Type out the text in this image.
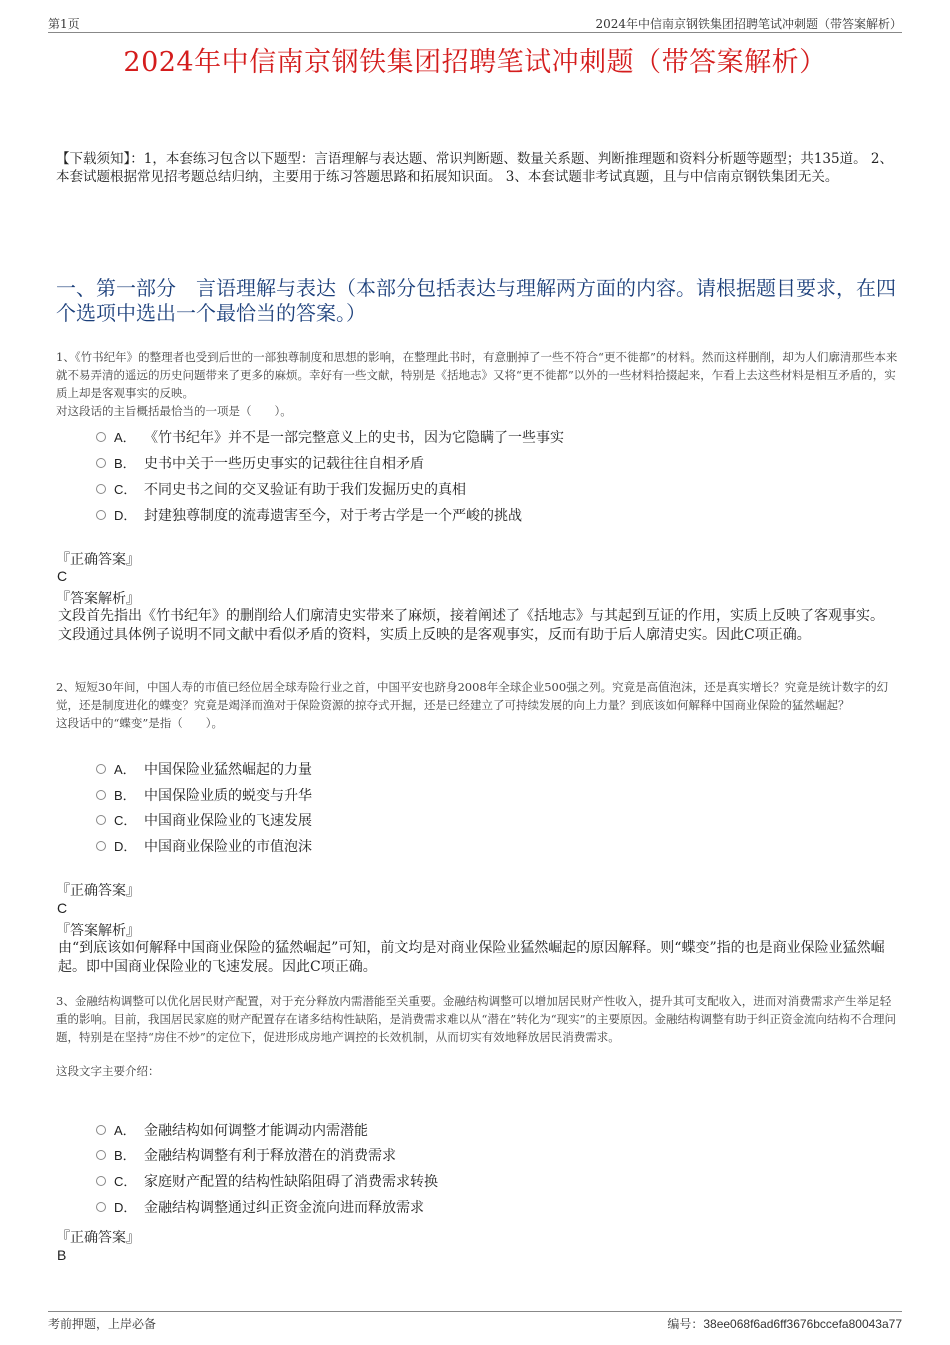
第1页	2024年中信南京钢铁集团招聘笔试冲刺题（带答案解析）
2024年中信南京钢铁集团招聘笔试冲刺题（带答案解析）
【下载须知】：1，本套练习包含以下题型：言语理解与表达题、常识判断题、数量关系题、判断推理题和资料分析题等题型；共135道。 2、本套试题根据常见招考题总结归纳，主要用于练习答题思路和拓展知识面。 3、本套试题非考试真题，且与中信南京钢铁集团无关。
一、第一部分　言语理解与表达（本部分包括表达与理解两方面的内容。请根据题目要求，在四个选项中选出一个最恰当的答案。）

1、《竹书纪年》的整理者也受到后世的一部独尊制度和思想的影响，在整理此书时，有意删掉了一些不符合“更不徙都”的材料。然而这样删削，却为人们廓清那些本来就不易弄清的遥远的历史问题带来了更多的麻烦。幸好有一些文献，特别是《括地志》又将“更不徙都”以外的一些材料拾掇起来，乍看上去这些材料是相互矛盾的，实质上却是客观事实的反映。

对这段话的主旨概括最恰当的一项是（　　）。

A． 《竹书纪年》并不是一部完整意义上的史书，因为它隐瞒了一些事实
B． 史书中关于一些历史事实的记载往往自相矛盾
C． 不同史书之间的交叉验证有助于我们发掘历史的真相
D． 封建独尊制度的流毒遗害至今，对于考古学是一个严峻的挑战
『正确答案』
C
『答案解析』
文段首先指出《竹书纪年》的删削给人们廓清史实带来了麻烦，接着阐述了《括地志》与其起到互证的作用，实质上反映了客观事实。文段通过具体例子说明不同文献中看似矛盾的资料，实质上反映的是客观事实，反而有助于后人廓清史实。因此C项正确。

2、短短30年间，中国人寿的市值已经位居全球寿险行业之首，中国平安也跻身2008年全球企业500强之列。究竟是高值泡沫，还是真实增长？究竟是统计数字的幻觉，还是制度进化的蝶变？究竟是竭泽而渔对于保险资源的掠夺式开掘，还是已经建立了可持续发展的向上力量？到底该如何解释中国商业保险的猛然崛起？

这段话中的“蝶变”是指（　　）。

A． 中国保险业猛然崛起的力量
B． 中国保险业质的蜕变与升华
C． 中国商业保险业的飞速发展
D． 中国商业保险业的市值泡沫
『正确答案』
C
『答案解析』
由“到底该如何解释中国商业保险的猛然崛起”可知，前文均是对商业保险业猛然崛起的原因解释。则“蝶变”指的也是商业保险业猛然崛起。即中国商业保险业的飞速发展。因此C项正确。

3、金融结构调整可以优化居民财产配置，对于充分释放内需潜能至关重要。金融结构调整可以增加居民财产性收入，提升其可支配收入，进而对消费需求产生举足轻重的影响。目前，我国居民家庭的财产配置存在诸多结构性缺陷，是消费需求难以从“潜在”转化为“现实”的主要原因。金融结构调整有助于纠正资金流向结构不合理问题，特别是在坚持“房住不炒”的定位下，促进形成房地产调控的长效机制，从而切实有效地释放居民消费需求。

这段文字主要介绍：

A． 金融结构如何调整才能调动内需潜能
B． 金融结构调整有利于释放潜在的消费需求
C． 家庭财产配置的结构性缺陷阻碍了消费需求转换
D． 金融结构调整通过纠正资金流向进而释放需求
『正确答案』
B
考前押题，上岸必备	编号：38ee068f6ad6ff3676bccefa80043a77
